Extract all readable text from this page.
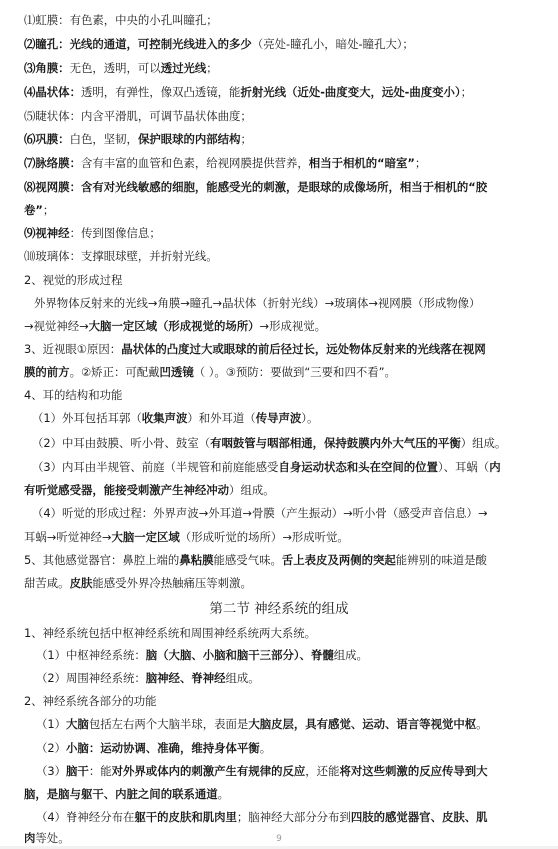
⑴虹膜：有色素，中央的小孔叫瞳孔；
⑵瞳孔：光线的通道，可控制光线进入的多少（亮处-瞳孔小，暗处-瞳孔大）；
⑶角膜：无色，透明，可以透过光线；
⑷晶状体：透明，有弹性，像双凸透镜，能折射光线（近处-曲度变大，远处-曲度变小）；
⑸睫状体：内含平滑肌，可调节晶状体曲度；
⑹巩膜：白色，坚韧，保护眼球的内部结构；
⑺脉络膜：含有丰富的血管和色素，给视网膜提供营养，相当于相机的“暗室”；
⑻视网膜：含有对光线敏感的细胞，能感受光的刺激，是眼球的成像场所，相当于相机的“胶
卷”；
⑼视神经：传到图像信息；
⑽玻璃体：支撑眼球壁，并折射光线。
2、视觉的形成过程
外界物体反射来的光线→角膜→瞳孔→晶状体（折射光线）→玻璃体→视网膜（形成物像）
→视觉神经→大脑一定区域（形成视觉的场所）→形成视觉。
3、近视眼①原因：晶状体的凸度过大或眼球的前后径过长，远处物体反射来的光线落在视网
膜的前方。②矫正：可配戴凹透镜（ ）。③预防：要做到“三要和四不看”。
4、耳的结构和功能
（1）外耳包括耳郭（收集声波）和外耳道（传导声波）。
（2）中耳由鼓膜、听小骨、鼓室（有咽鼓管与咽部相通，保持鼓膜内外大气压的平衡）组成。
（3）内耳由半规管、前庭（半规管和前庭能感受自身运动状态和头在空间的位置）、耳蜗（内
有听觉感受器，能接受刺激产生神经冲动）组成。
（4）听觉的形成过程：外界声波→外耳道→骨膜（产生振动）→听小骨（感受声音信息）→
耳蜗→听觉神经→大脑一定区域（形成听觉的场所）→形成听觉。
5、其他感觉器官：鼻腔上端的鼻粘膜能感受气味。舌上表皮及两侧的突起能辨别的味道是酸
甜苦咸。皮肤能感受外界冷热触痛压等刺激。
第二节 神经系统的组成
1、神经系统包括中枢神经系统和周围神经系统两大系统。
（1）中枢神经系统：脑（大脑、小脑和脑干三部分）、脊髓组成。
（2）周围神经系统：脑神经、脊神经组成。
2、神经系统各部分的功能
（1）大脑包括左右两个大脑半球，表面是大脑皮层，具有感觉、运动、语言等视觉中枢。
（2）小脑：运动协调、准确，维持身体平衡。
（3）脑干：能对外界或体内的刺激产生有规律的反应，还能将对这些刺激的反应传导到大
脑，是脑与躯干、内脏之间的联系通道。
（4）脊神经分布在躯干的皮肤和肌肉里；脑神经大部分分布到四肢的感觉器官、皮肤、肌
肉等处。	9
